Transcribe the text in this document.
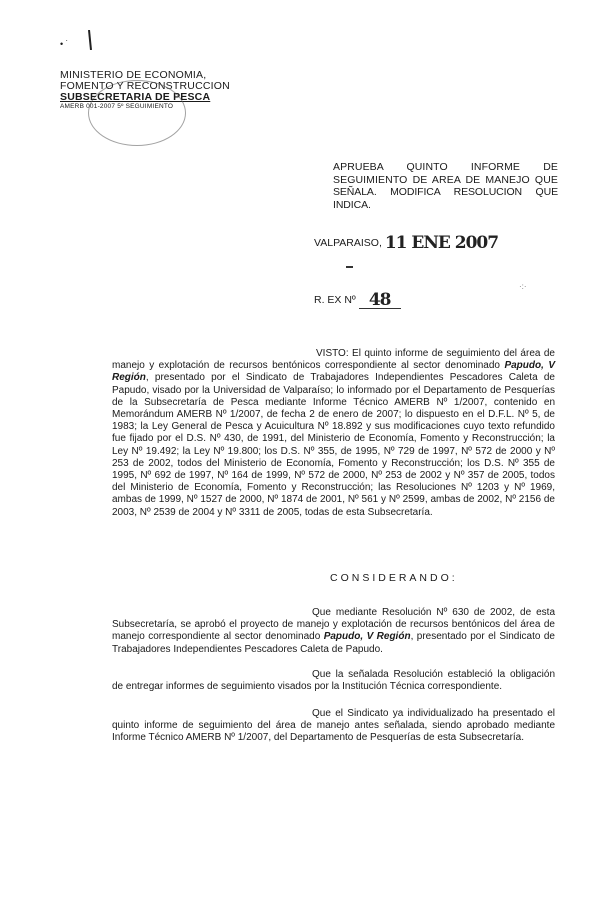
• ˙
MINISTERIO DE ECONOMIA,
FOMENTO Y RECONSTRUCCION
SUBSECRETARIA DE PESCA
AMERB 001-2007 5º SEGUIMIENTO
APRUEBA QUINTO INFORME DE
SEGUIMIENTO DE AREA DE MANEJO QUE
SEÑALA. MODIFICA RESOLUCION QUE INDICA.
VALPARAISO, 11 ENE 2007
R. EX Nº 48
·:·
VISTO: El quinto informe de seguimiento del área de manejo y explotación de recursos bentónicos correspondiente al sector denominado Papudo, V Región, presentado por el Sindicato de Trabajadores Independientes Pescadores Caleta de Papudo, visado por la Universidad de Valparaíso; lo informado por el Departamento de Pesquerías de la Subsecretaría de Pesca mediante Informe Técnico AMERB Nº 1/2007, contenido en Memorándum AMERB Nº 1/2007, de fecha 2 de enero de 2007; lo dispuesto en el D.F.L. Nº 5, de 1983; la Ley General de Pesca y Acuicultura Nº 18.892 y sus modificaciones cuyo texto refundido fue fijado por el D.S. Nº 430, de 1991, del Ministerio de Economía, Fomento y Reconstrucción; la Ley Nº 19.492; la Ley Nº 19.800; los D.S. Nº 355, de 1995, Nº 729 de 1997, Nº 572 de 2000 y Nº 253 de 2002, todos del Ministerio de Economía, Fomento y Reconstrucción; los D.S. Nº 355 de 1995, Nº 692 de 1997, Nº 164 de 1999, Nº 572 de 2000, Nº 253 de 2002 y Nº 357 de 2005, todos del Ministerio de Economía, Fomento y Reconstrucción; las Resoluciones Nº 1203 y Nº 1969, ambas de 1999, Nº 1527 de 2000, Nº 1874 de 2001, Nº 561 y Nº 2599, ambas de 2002, Nº 2156 de 2003, Nº 2539 de 2004 y Nº 3311 de 2005, todas de esta Subsecretaría.
CONSIDERANDO:
Que mediante Resolución Nº 630 de 2002, de esta Subsecretaría, se aprobó el proyecto de manejo y explotación de recursos bentónicos del área de manejo correspondiente al sector denominado Papudo, V Región, presentado por el Sindicato de Trabajadores Independientes Pescadores Caleta de Papudo.
Que la señalada Resolución estableció la obligación de entregar informes de seguimiento visados por la Institución Técnica correspondiente.
Que el Sindicato ya individualizado ha presentado el quinto informe de seguimiento del área de manejo antes señalada, siendo aprobado mediante Informe Técnico AMERB Nº 1/2007, del Departamento de Pesquerías de esta Subsecretaría.
